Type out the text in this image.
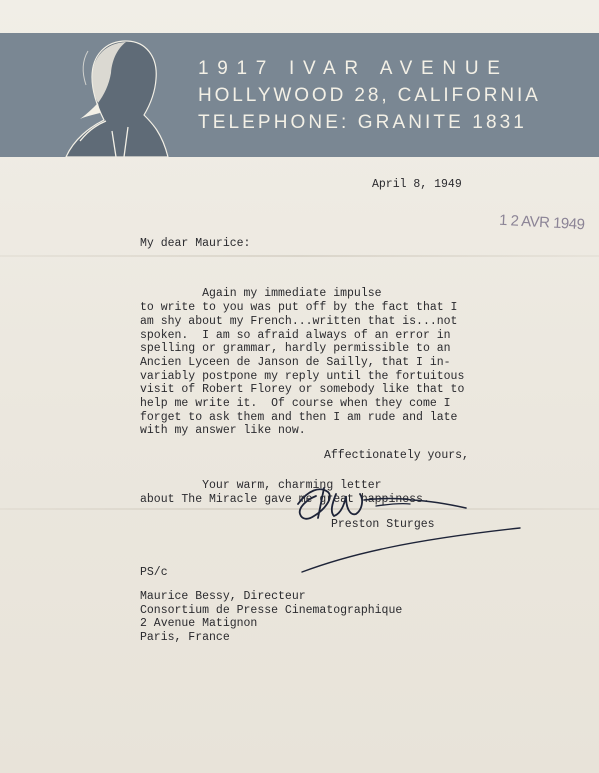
1917 IVAR AVENUE
HOLLYWOOD 28, CALIFORNIA
TELEPHONE: GRANITE 1831
April 8, 1949
1 2 AVR 1949
My dear Maurice:

Again my immediate impulse
to write to you was put off by the fact that I
am shy about my French...written that is...not
spoken.  I am so afraid always of an error in
spelling or grammar, hardly permissible to an
Ancien Lyceen de Janson de Sailly, that I in-
variably postpone my reply until the fortuitous
visit of Robert Florey or somebody like that to
help me write it.  Of course when they come I
forget to ask them and then I am rude and late
with my answer like now.

Your warm, charming letter
about The Miracle gave me great happiness.

Affectionately yours,
Preston Sturges
PS/c
Maurice Bessy, Directeur
Consortium de Presse Cinematographique
2 Avenue Matignon
Paris, France
